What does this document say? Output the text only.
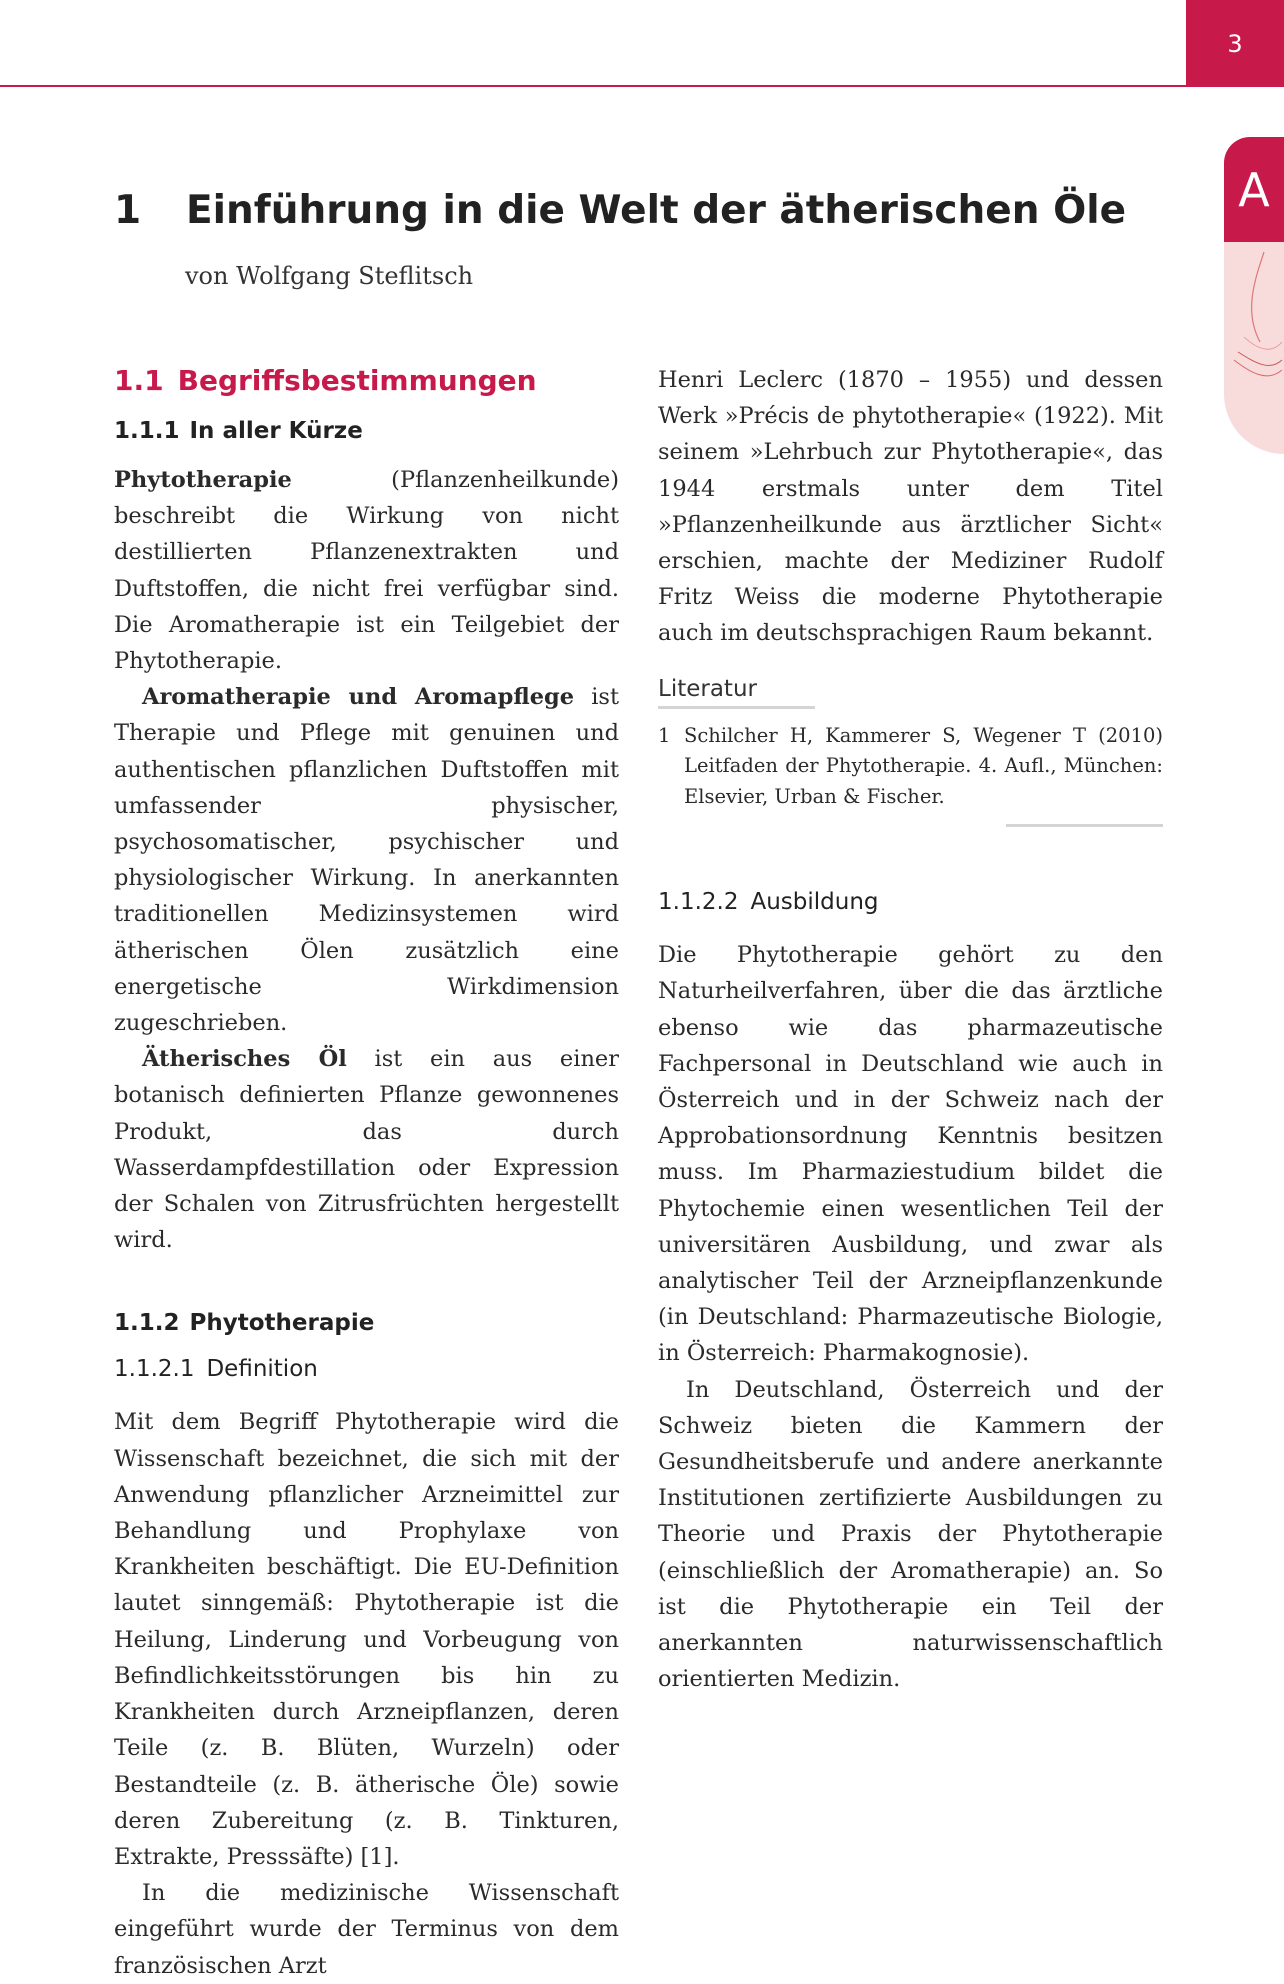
3
A
1 Einführung in die Welt der ätherischen Öle
von Wolfgang Steflitsch
1.1 Begriffsbestimmungen
1.1.1 In aller Kürze

Phytotherapie (Pflanzenheilkunde) beschreibt die Wirkung von nicht destillierten Pflanzenextrakten und Duftstoffen, die nicht frei verfügbar sind. Die Aromatherapie ist ein Teilgebiet der Phytotherapie.

Aromatherapie und Aromapflege ist Therapie und Pflege mit genuinen und authentischen pflanzlichen Duftstoffen mit umfassender physischer, psychosomatischer, psychischer und physiologischer Wirkung. In anerkannten traditionellen Medizinsystemen wird ätherischen Ölen zusätzlich eine energetische Wirkdimension zugeschrieben.

Ätherisches Öl ist ein aus einer botanisch definierten Pflanze gewonnenes Produkt, das durch Wasserdampfdestillation oder Expression der Schalen von Zitrusfrüchten hergestellt wird.

1.1.2 Phytotherapie
1.1.2.1 Definition

Mit dem Begriff Phytotherapie wird die Wissenschaft bezeichnet, die sich mit der Anwendung pflanzlicher Arzneimittel zur Behandlung und Prophylaxe von Krankheiten beschäftigt. Die EU-Definition lautet sinngemäß: Phytotherapie ist die Heilung, Linderung und Vorbeugung von Befindlichkeitsstörungen bis hin zu Krankheiten durch Arzneipflanzen, deren Teile (z. B. Blüten, Wurzeln) oder Bestandteile (z. B. ätherische Öle) sowie deren Zubereitung (z. B. Tinkturen, Extrakte, Presssäfte) [1].

In die medizinische Wissenschaft eingeführt wurde der Terminus von dem französischen Arzt

Henri Leclerc (1870 – 1955) und dessen Werk »Précis de phytotherapie« (1922). Mit seinem »Lehrbuch zur Phytotherapie«, das 1944 erstmals unter dem Titel »Pflanzenheilkunde aus ärztlicher Sicht« erschien, machte der Mediziner Rudolf Fritz Weiss die moderne Phytotherapie auch im deutschsprachigen Raum bekannt.

Literatur
1 Schilcher H, Kammerer S, Wegener T (2010) Leitfaden der Phytotherapie. 4. Aufl., München: Elsevier, Urban & Fischer.
1.1.2.2 Ausbildung

Die Phytotherapie gehört zu den Naturheilverfahren, über die das ärztliche ebenso wie das pharmazeutische Fachpersonal in Deutschland wie auch in Österreich und in der Schweiz nach der Approbationsordnung Kenntnis besitzen muss. Im Pharmaziestudium bildet die Phytochemie einen wesentlichen Teil der universitären Ausbildung, und zwar als analytischer Teil der Arzneipflanzenkunde (in Deutschland: Pharmazeutische Biologie, in Österreich: Pharmakognosie).

In Deutschland, Österreich und der Schweiz bieten die Kammern der Gesundheitsberufe und andere anerkannte Institutionen zertifizierte Ausbildungen zu Theorie und Praxis der Phytotherapie (einschließlich der Aromatherapie) an. So ist die Phytotherapie ein Teil der anerkannten naturwissenschaftlich orientierten Medizin.
